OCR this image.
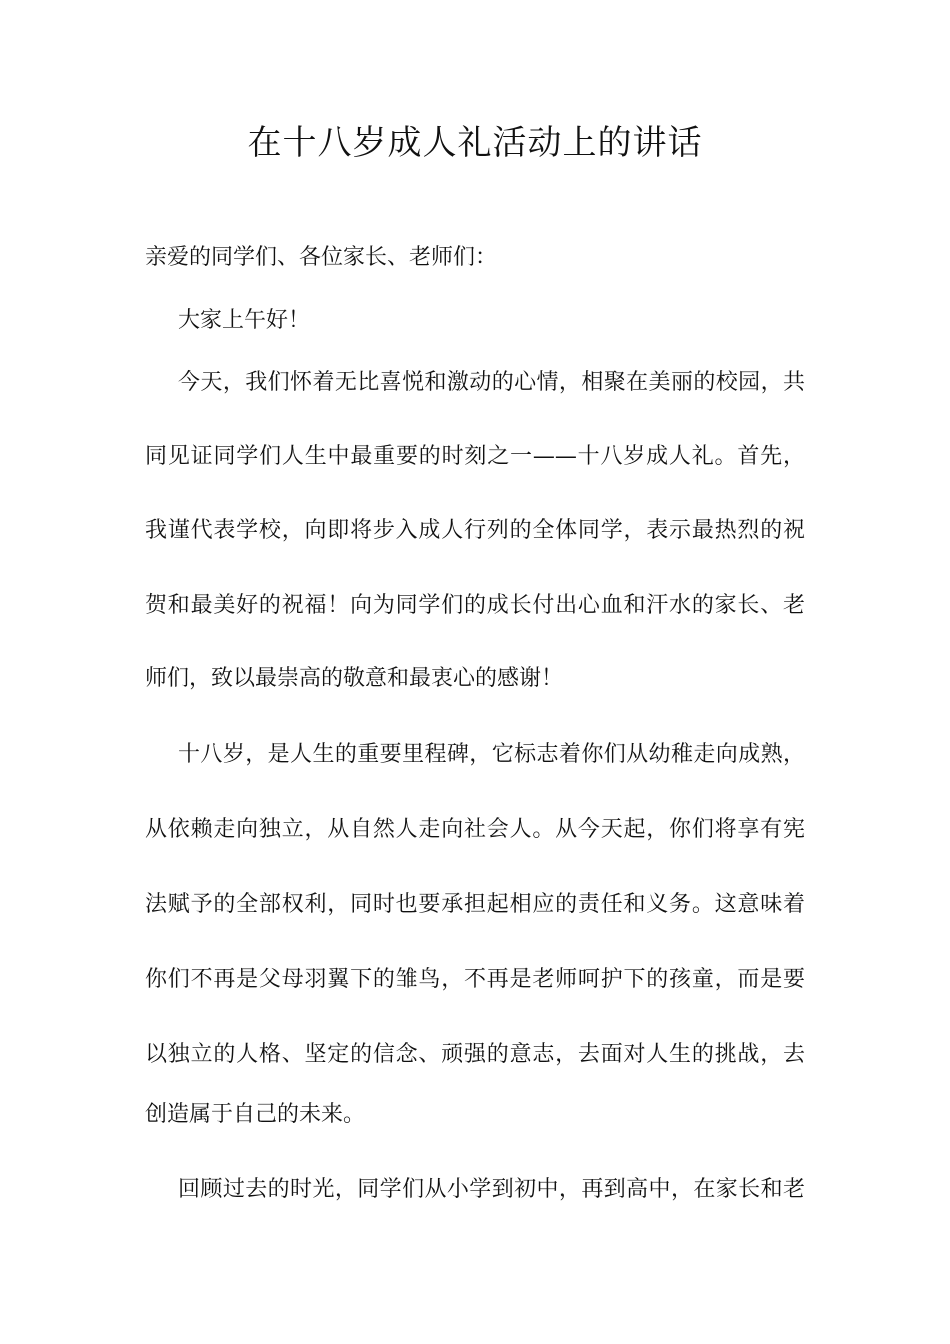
在十八岁成人礼活动上的讲话
亲爱的同学们、各位家长、老师们：
大家上午好！
今天，我们怀着无比喜悦和激动的心情，相聚在美丽的校园，共
同见证同学们人生中最重要的时刻之一——十八岁成人礼。首先，
我谨代表学校，向即将步入成人行列的全体同学，表示最热烈的祝
贺和最美好的祝福！向为同学们的成长付出心血和汗水的家长、老
师们，致以最崇高的敬意和最衷心的感谢！
十八岁，是人生的重要里程碑，它标志着你们从幼稚走向成熟，
从依赖走向独立，从自然人走向社会人。从今天起，你们将享有宪
法赋予的全部权利，同时也要承担起相应的责任和义务。这意味着
你们不再是父母羽翼下的雏鸟，不再是老师呵护下的孩童，而是要
以独立的人格、坚定的信念、顽强的意志，去面对人生的挑战，去
创造属于自己的未来。
回顾过去的时光，同学们从小学到初中，再到高中，在家长和老
